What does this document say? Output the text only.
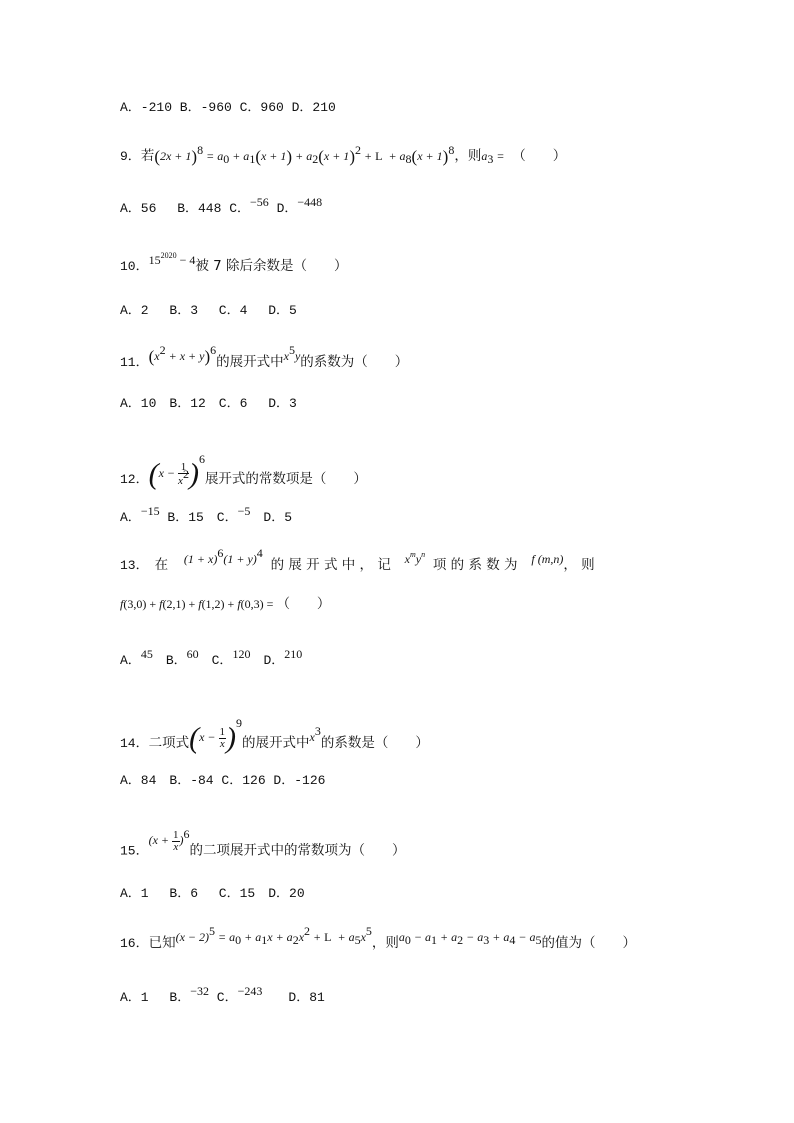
A．-210 B．-960 C．960 D．210
9．若$(2x + 1)^8 = a_0 + a_1(x + 1) + a_2(x + 1)^2 + L + a_8(x + 1)^8$，则$a_3$ = （　　）
A．56　 B．448 C．−56 D．−448
10．$15^{2020} - 4$被 7 除后余数是（　　）
A．2　 B．3　 C．4　 D．5
11．$(x^2 + x + y)^6$的展开式中$x^5y$的系数为（　　）
A．10　B．12　C．6　 D．3
12．$(x - \frac{1}{x^2} )^6$展开式的常数项是（　　）
A．−15 B．15　C．−5　D．5
13． 在 $(1 + x)^6(1 + y)^4$ 的 展 开 式 中 ， 记 $x^my^n$ 项 的 系 数 为 f (m,n)， 则
f(3,0) + f(2,1) + f(1,2) + f(0,3) = （　　）
A．45　B．60　C．120　D．210
14．二项式$(x - \frac{1}{x} )^9$的展开式中$x^3$的系数是（　　）
A．84　B．-84 C．126 D．-126
15．$(x + \frac{1}{x} )^6$的二项展开式中的常数项为（　　）
A．1　 B．6　 C．15　D．20
16．已知$(x - 2)^5 = a_0 + a_1x + a_2x^2 + L + a_5x^5$，则$a_0 - a_1 + a_2 - a_3 + a_4 - a_5$的值为（　　）
A．1　 B．−32 C．−243　　D．81
